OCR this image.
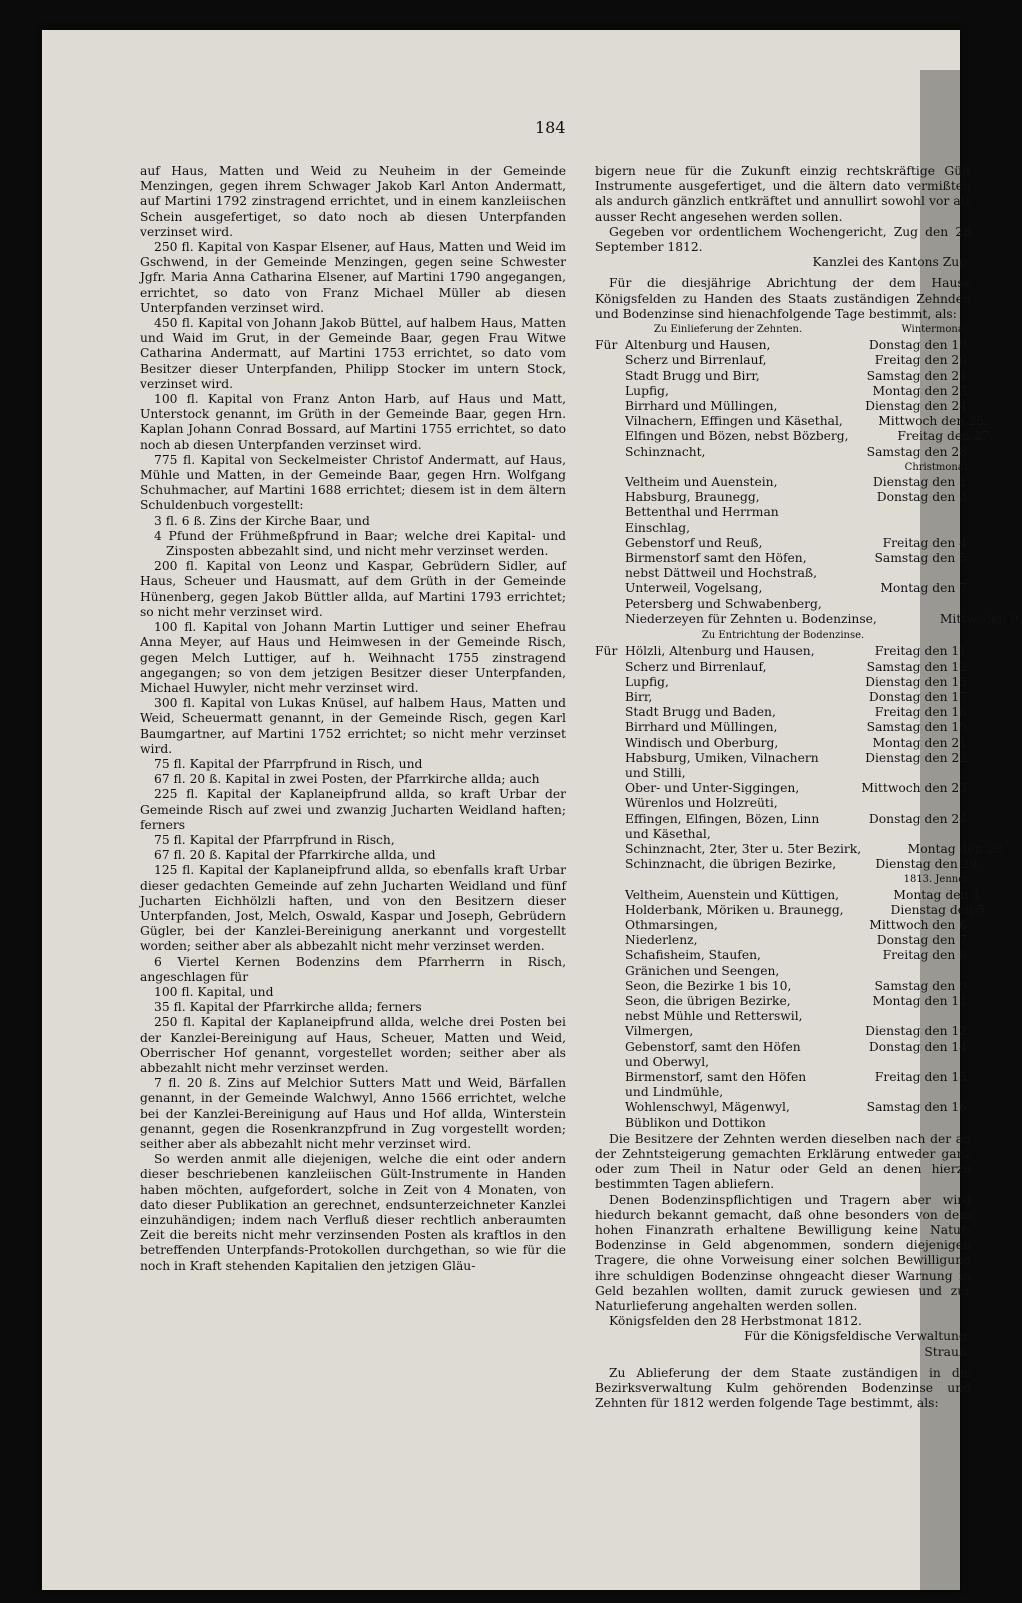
184

auf Haus, Matten und Weid zu Neuheim in der Gemeinde Menzingen, gegen ihrem Schwager Jakob Karl Anton Andermatt, auf Martini 1792 zinstragend errichtet, und in einem kanzleiischen Schein ausgefertiget, so dato noch ab diesen Unterpfanden verzinset wird.

250 fl. Kapital von Kaspar Elsener, auf Haus, Matten und Weid im Gschwend, in der Gemeinde Menzingen, gegen seine Schwester Jgfr. Maria Anna Catharina Elsener, auf Martini 1790 angegangen, errichtet, so dato von Franz Michael Müller ab diesen Unterpfanden verzinset wird.

450 fl. Kapital von Johann Jakob Büttel, auf halbem Haus, Matten und Waid im Grut, in der Gemeinde Baar, gegen Frau Witwe Catharina Andermatt, auf Martini 1753 errichtet, so dato vom Besitzer dieser Unterpfanden, Philipp Stocker im untern Stock, verzinset wird.

100 fl. Kapital von Franz Anton Harb, auf Haus und Matt, Unterstock genannt, im Grüth in der Gemeinde Baar, gegen Hrn. Kaplan Johann Conrad Bossard, auf Martini 1755 errichtet, so dato noch ab diesen Unterpfanden verzinset wird.

775 fl. Kapital von Seckelmeister Christof Andermatt, auf Haus, Mühle und Matten, in der Gemeinde Baar, gegen Hrn. Wolfgang Schuhmacher, auf Martini 1688 errichtet; diesem ist in dem ältern Schuldenbuch vorgestellt:

3 fl. 6 ß. Zins der Kirche Baar, und

4 Pfund der Frühmeßpfrund in Baar; welche drei Kapital- und Zinsposten abbezahlt sind, und nicht mehr verzinset werden.

200 fl. Kapital von Leonz und Kaspar, Gebrüdern Sidler, auf Haus, Scheuer und Hausmatt, auf dem Grüth in der Gemeinde Hünenberg, gegen Jakob Büttler allda, auf Martini 1793 errichtet; so nicht mehr verzinset wird.

100 fl. Kapital von Johann Martin Luttiger und seiner Ehefrau Anna Meyer, auf Haus und Heimwesen in der Gemeinde Risch, gegen Melch Luttiger, auf h. Weihnacht 1755 zinstragend angegangen; so von dem jetzigen Besitzer dieser Unterpfanden, Michael Huwyler, nicht mehr verzinset wird.

300 fl. Kapital von Lukas Knüsel, auf halbem Haus, Matten und Weid, Scheuermatt genannt, in der Gemeinde Risch, gegen Karl Baumgartner, auf Martini 1752 errichtet; so nicht mehr verzinset wird.

75 fl. Kapital der Pfarrpfrund in Risch, und

67 fl. 20 ß. Kapital in zwei Posten, der Pfarrkirche allda; auch

225 fl. Kapital der Kaplaneipfrund allda, so kraft Urbar der Gemeinde Risch auf zwei und zwanzig Jucharten Weidland haften; ferners

75 fl. Kapital der Pfarrpfrund in Risch,

67 fl. 20 ß. Kapital der Pfarrkirche allda, und

125 fl. Kapital der Kaplaneipfrund allda, so ebenfalls kraft Urbar dieser gedachten Gemeinde auf zehn Jucharten Weidland und fünf Jucharten Eichhölzli haften, und von den Besitzern dieser Unterpfanden, Jost, Melch, Oswald, Kaspar und Joseph, Gebrüdern Gügler, bei der Kanzlei-Bereinigung anerkannt und vorgestellt worden; seither aber als abbezahlt nicht mehr verzinset werden.

6 Viertel Kernen Bodenzins dem Pfarrherrn in Risch, angeschlagen für

100 fl. Kapital, und

35 fl. Kapital der Pfarrkirche allda; ferners

250 fl. Kapital der Kaplaneipfrund allda, welche drei Posten bei der Kanzlei-Bereinigung auf Haus, Scheuer, Matten und Weid, Oberrischer Hof genannt, vorgestellet worden; seither aber als abbezahlt nicht mehr verzinset werden.

7 fl. 20 ß. Zins auf Melchior Sutters Matt und Weid, Bärfallen genannt, in der Gemeinde Walchwyl, Anno 1566 errichtet, welche bei der Kanzlei-Bereinigung auf Haus und Hof allda, Winterstein genannt, gegen die Rosenkranzpfrund in Zug vorgestellt worden; seither aber als abbezahlt nicht mehr verzinset wird.

So werden anmit alle diejenigen, welche die eint oder andern dieser beschriebenen kanzleiischen Gült-Instrumente in Handen haben möchten, aufgefordert, solche in Zeit von 4 Monaten, von dato dieser Publikation an gerechnet, endsunterzeichneter Kanzlei einzuhändigen; indem nach Verfluß dieser rechtlich anberaumten Zeit die bereits nicht mehr verzinsenden Posten als kraftlos in den betreffenden Unterpfands-Protokollen durchgethan, so wie für die noch in Kraft stehenden Kapitalien den jetzigen Gläu-

bigern neue für die Zukunft einzig rechtskräftige Gült Instrumente ausgefertiget, und die ältern dato vermißten als andurch gänzlich entkräftet und annullirt sowohl vor als ausser Recht angesehen werden sollen.

Gegeben vor ordentlichem Wochengericht, Zug den 28 September 1812.

Kanzlei des Kantons Zug.

Für die diesjährige Abrichtung der dem Hause Königsfelden zu Handen des Staats zuständigen Zehnden und Bodenzinse sind hienachfolgende Tage bestimmt, als:

Zu Einlieferung der Zehnten.	Wintermonat.
Für Altenburg und Hausen,	Donstag den 19.
Scherz und Birrenlauf,	Freitag den 20.
Stadt Brugg und Birr,	Samstag den 21.
Lupfig,	Montag den 23.
Birrhard und Müllingen,	Dienstag den 24.
Vilnachern, Effingen und Käsethal,	Mittwoch den 25.
Elfingen und Bözen, nebst Bözberg,	Freitag den 27.
Schinznacht,	Samstag den 28.
Christmonat.
Veltheim und Auenstein,	Dienstag den 1.
Habsburg, Braunegg, Bettenthal und Herrman Einschlag,
Donstag den 3.
Gebenstorf und Reuß,	Freitag den 4.
Birmenstorf samt den Höfen, nebst Dättweil und Hochstraß,
Samstag den 5.
Unterweil, Vogelsang, Petersberg und Schwabenberg,
Montag den 7.
Niederzeyen für Zehnten u. Bodenzinse,	Mittw. den 9.
Zu Entrichtung der Bodenzinse.
Für Hölzli, Altenburg und Hausen,	Freitag den 11.
Scherz und Birrenlauf,	Samstag den 12.
Lupfig,	Dienstag den 15.
Birr,	Donstag den 17.
Stadt Brugg und Baden,	Freitag den 18.
Birrhard und Müllingen,	Samstag den 19.
Windisch und Oberburg,	Montag den 21.
Habsburg, Umiken, Vilnachern und Stilli,
Dienstag den 22.
Ober- und Unter-Siggingen, Würenlos und Holzreüti,
Mittwoch den 23.
Effingen, Elfingen, Bözen, Linn und Käsethal,
Donstag den 24.
Schinznacht, 2ter, 3ter u. 5ter Bezirk,	Montag den 28.
Schinznacht, die übrigen Bezirke,	Dienstag den 29.
1813. Jenner.
Veltheim, Auenstein und Küttigen,	Montag den 4.
Holderbank, Möriken u. Braunegg,	Dienstag den 5.
Othmarsingen,	Mittwoch den 6.
Niederlenz,	Donstag den 7.
Schafisheim, Staufen, Gränichen und Seengen,
Freitag den 8.
Seon, die Bezirke 1 bis 10,	Samstag den 9.
Seon, die übrigen Bezirke, nebst Mühle und Retterswil,
Montag den 11.
Vilmergen,	Dienstag den 12.
Gebenstorf, samt den Höfen und Oberwyl,
Donstag den 14.
Birmenstorf, samt den Höfen und Lindmühle,
Freitag den 15.
Wohlenschwyl, Mägenwyl, Büblikon und Dottikon
Samstag den 16.

Die Besitzere der Zehnten werden dieselben nach der an der Zehntsteigerung gemachten Erklärung entweder ganz oder zum Theil in Natur oder Geld an denen hierzu bestimmten Tagen abliefern.

Denen Bodenzinspflichtigen und Tragern aber wird hiedurch bekannt gemacht, daß ohne besonders von dem hohen Finanzrath erhaltene Bewilligung keine Natur-Bodenzinse in Geld abgenommen, sondern diejenigen Tragere, die ohne Vorweisung einer solchen Bewilligung ihre schuldigen Bodenzinse ohngeacht dieser Warnung in Geld bezahlen wollten, damit zuruck gewiesen und zur Naturlieferung angehalten werden sollen.

Königsfelden den 28 Herbstmonat 1812.

Für die Königsfeldische Verwaltung:

Strauß.

Zu Ablieferung der dem Staate zuständigen in die Bezirksverwaltung Kulm gehörenden Bodenzinse und Zehnten für 1812 werden folgende Tage bestimmt, als:
